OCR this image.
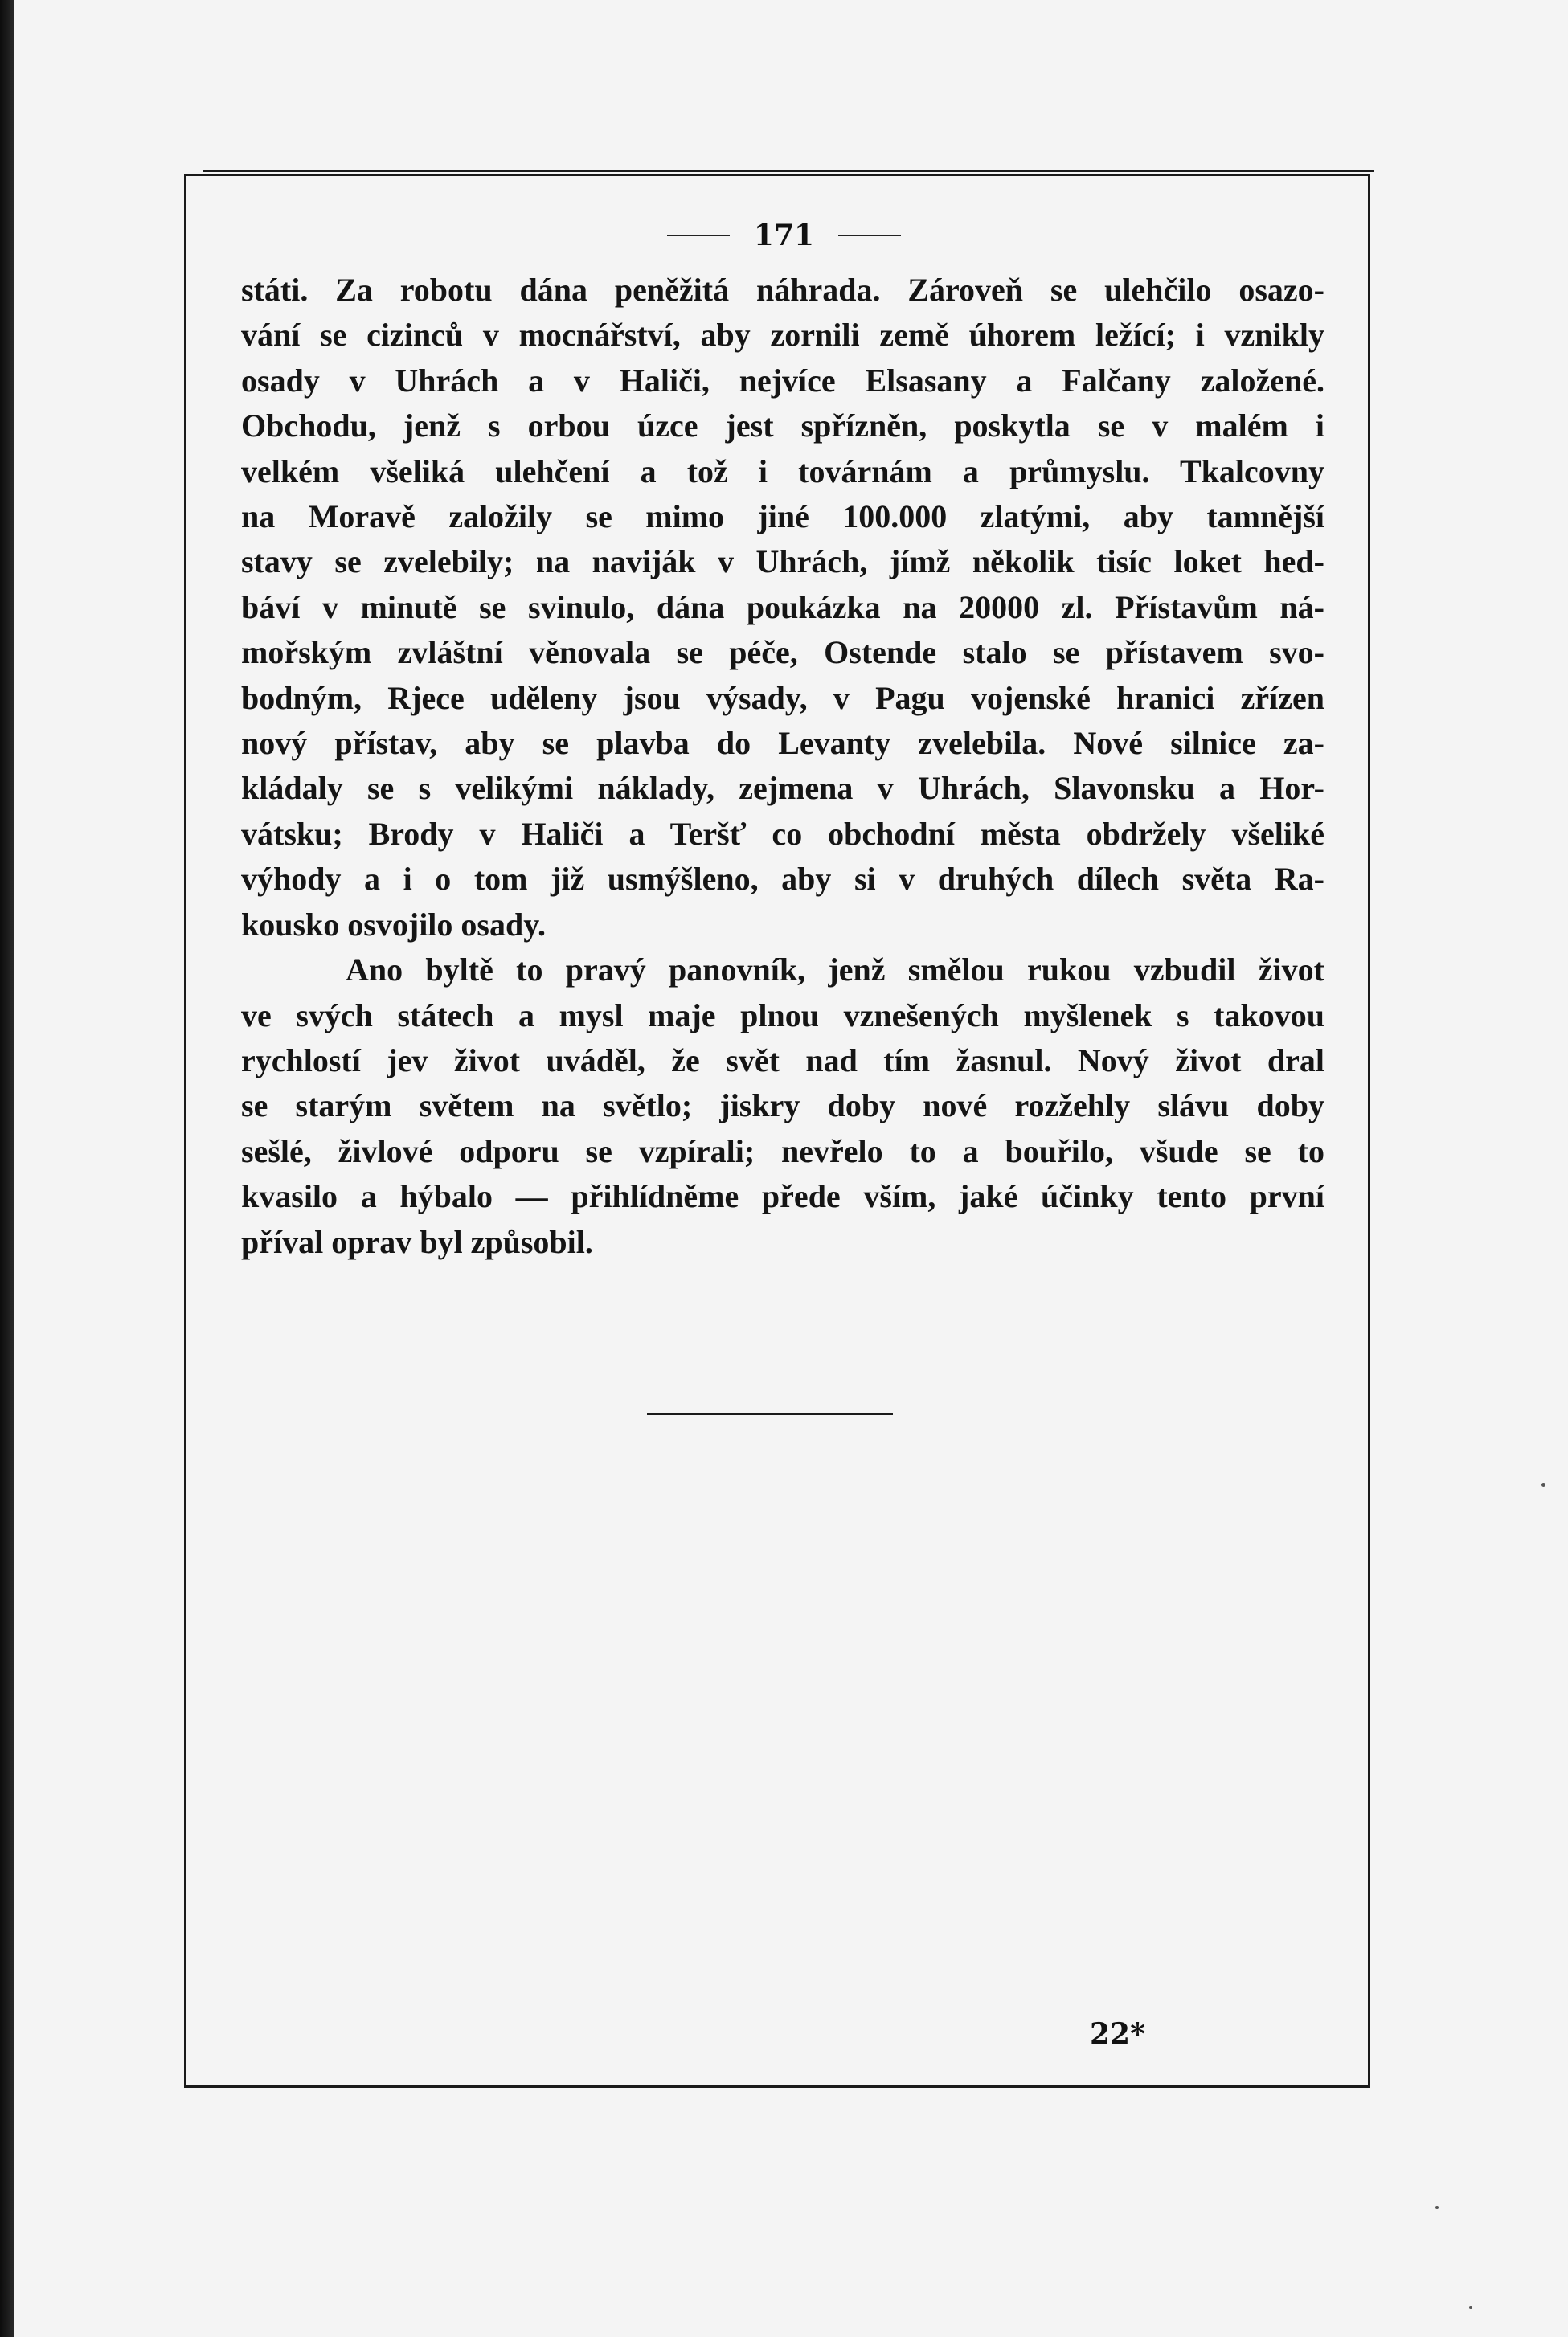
171
státi. Za robotu dána peněžitá náhrada. Zároveň se ulehčilo osazo-
vání se cizinců v mocnářství, aby zornili země úhorem ležící; i vznikly
osady v Uhrách a v Haliči, nejvíce Elsasany a Falčany založené.
Obchodu, jenž s orbou úzce jest spřízněn, poskytla se v malém i
velkém všeliká ulehčení a tož i továrnám a průmyslu. Tkalcovny
na Moravě založily se mimo jiné 100.000 zlatými, aby tamnější
stavy se zvelebily; na naviják v Uhrách, jímž několik tisíc loket hed-
báví v minutě se svinulo, dána poukázka na 20000 zl. Přístavům ná-
mořským zvláštní věnovala se péče, Ostende stalo se přístavem svo-
bodným, Rjece uděleny jsou výsady, v Pagu vojenské hranici zřízen
nový přístav, aby se plavba do Levanty zvelebila. Nové silnice za-
kládaly se s velikými náklady, zejmena v Uhrách, Slavonsku a Hor-
vátsku; Brody v Haliči a Teršť co obchodní města obdržely všeliké
výhody a i o tom již usmýšleno, aby si v druhých dílech světa Ra-
kousko osvojilo osady.
Ano byltě to pravý panovník, jenž smělou rukou vzbudil život
ve svých státech a mysl maje plnou vznešených myšlenek s takovou
rychlostí jev život uváděl, že svět nad tím žasnul. Nový život dral
se starým světem na světlo; jiskry doby nové rozžehly slávu doby
sešlé, živlové odporu se vzpírali; nevřelo to a bouřilo, všude se to
kvasilo a hýbalo — přihlídněme přede vším, jaké účinky tento první
příval oprav byl způsobil.
22*
